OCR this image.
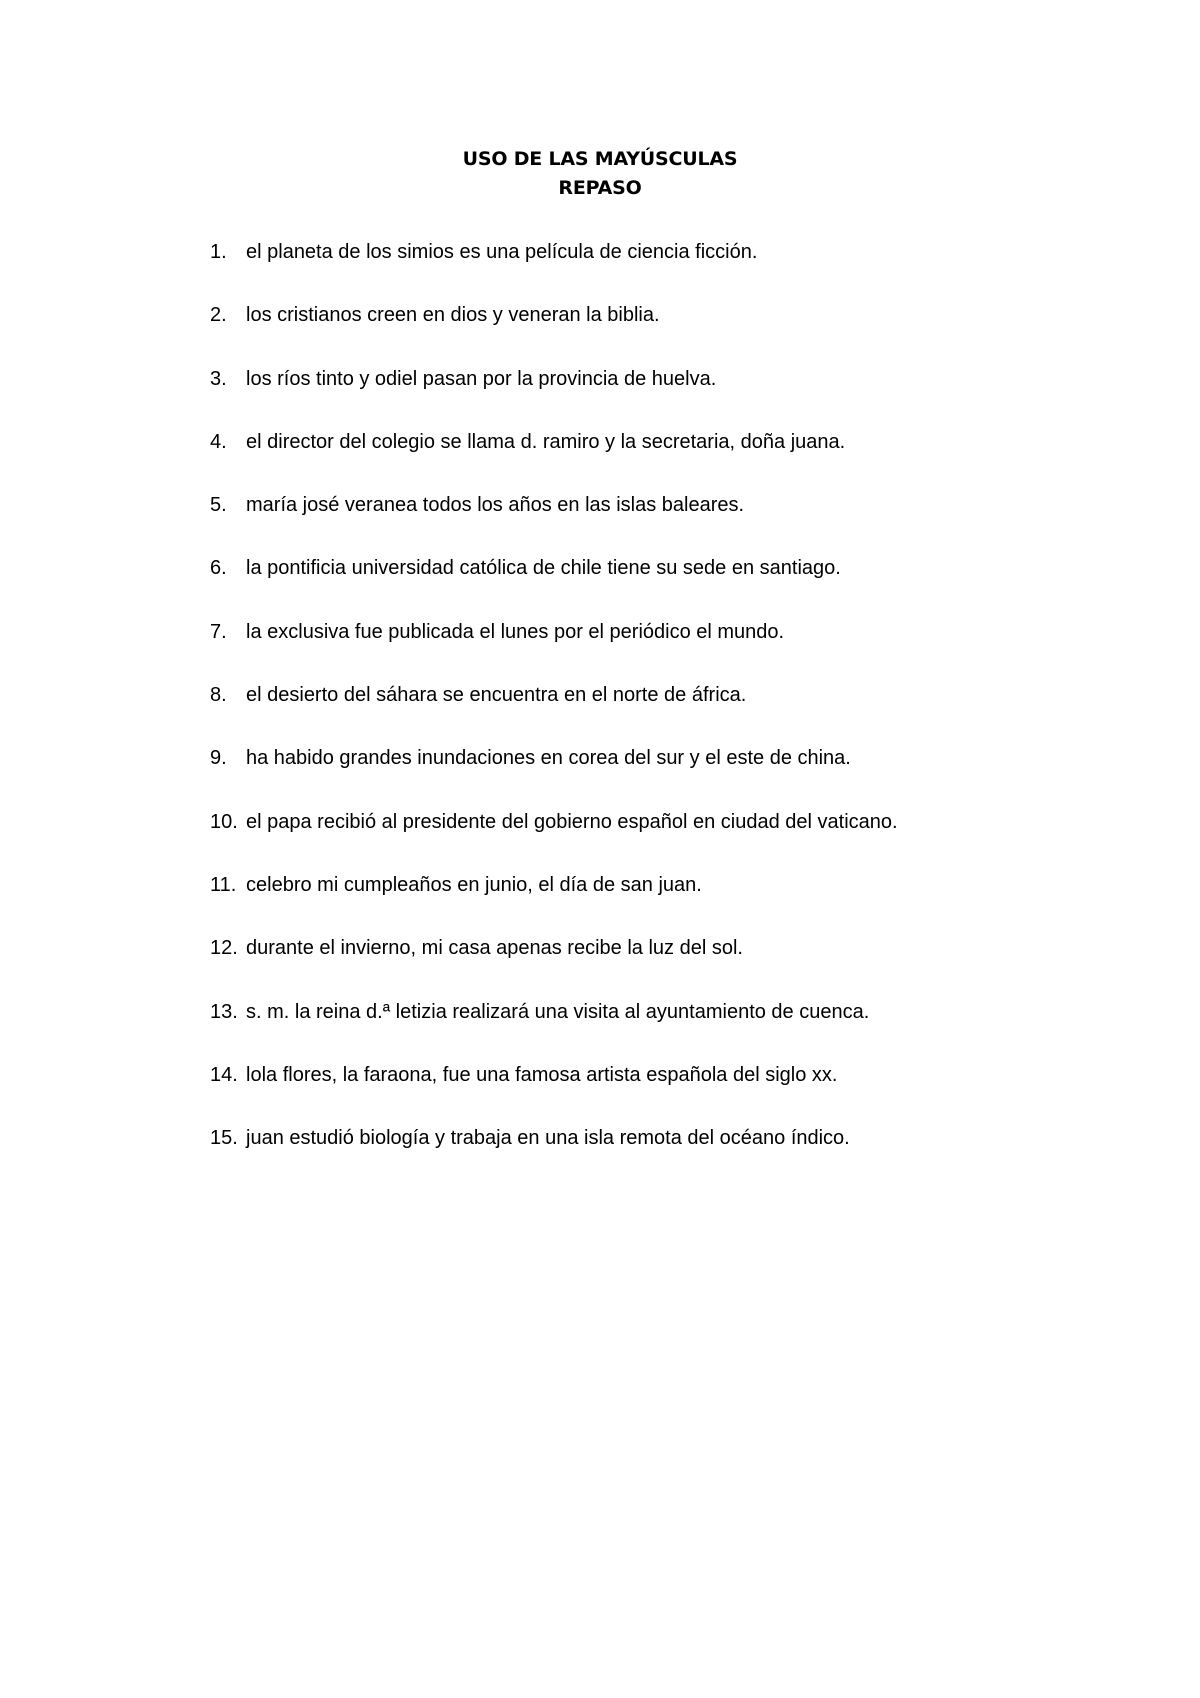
USO DE LAS MAYÚSCULAS
REPASO
1. el planeta de los simios es una película de ciencia ficción.
2. los cristianos creen en dios y veneran la biblia.
3. los ríos tinto y odiel pasan por la provincia de huelva.
4. el director del colegio se llama d. ramiro y la secretaria, doña juana.
5. maría josé veranea todos los años en las islas baleares.
6. la pontificia universidad católica de chile tiene su sede en santiago.
7. la exclusiva fue publicada el lunes por el periódico el mundo.
8. el desierto del sáhara se encuentra en el norte de áfrica.
9. ha habido grandes inundaciones en corea del sur y el este de china.
10. el papa recibió al presidente del gobierno español en ciudad del vaticano.
11. celebro mi cumpleaños en junio, el día de san juan.
12. durante el invierno, mi casa apenas recibe la luz del sol.
13. s. m. la reina d.ª letizia realizará una visita al ayuntamiento de cuenca.
14. lola flores, la faraona, fue una famosa artista española del siglo xx.
15. juan estudió biología y trabaja en una isla remota del océano índico.
